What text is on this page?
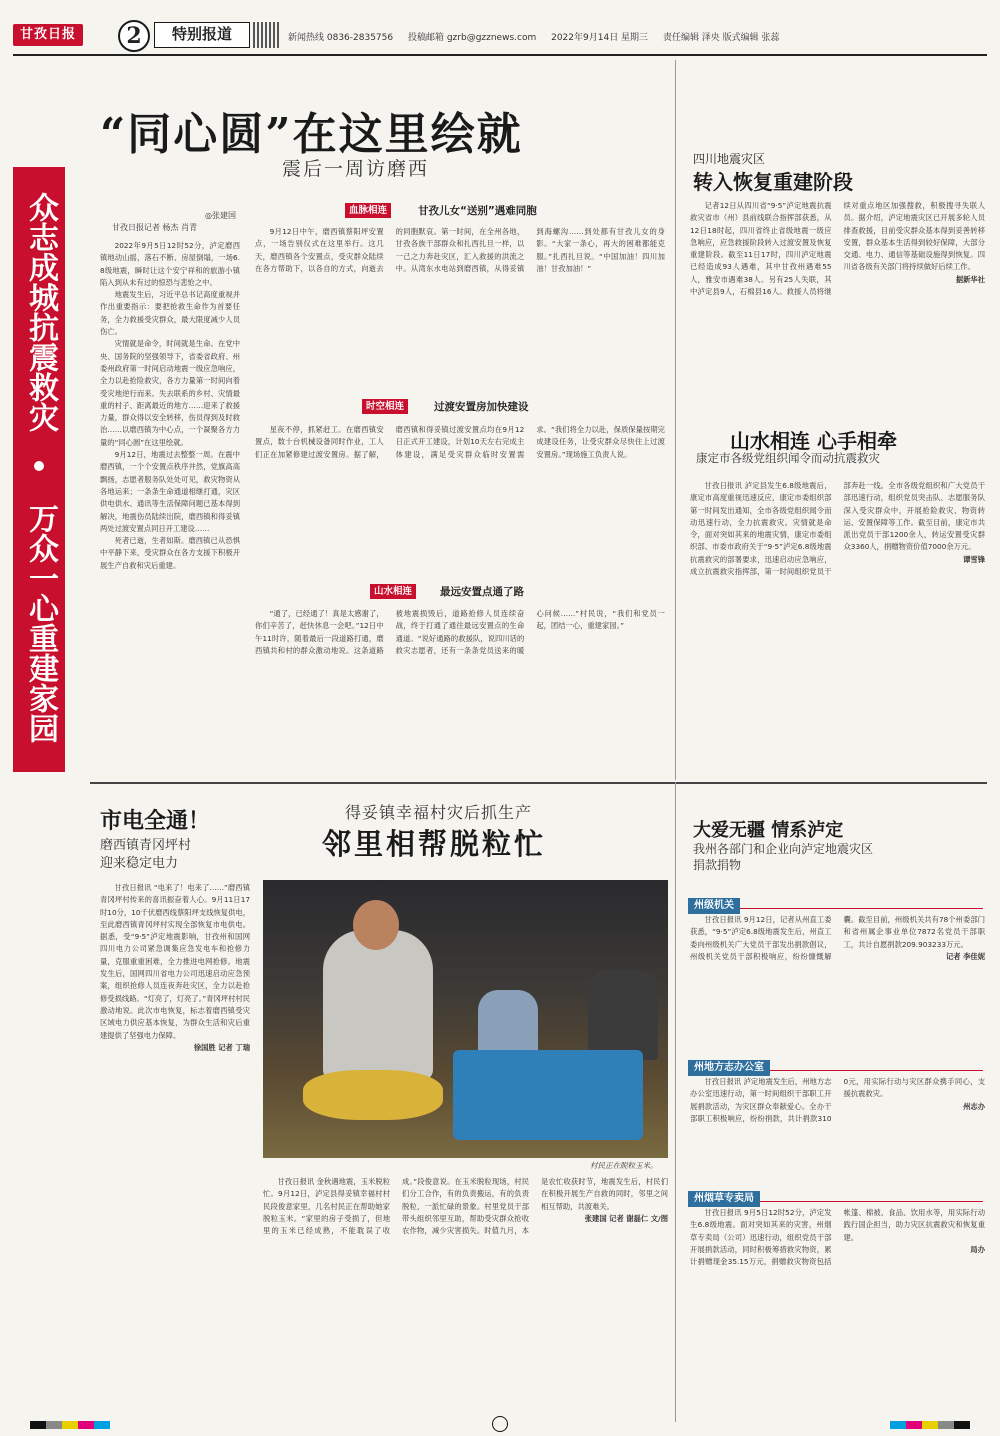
甘孜日报	2	特别报道	新闻热线 0836-2835756 投稿邮箱 gzrb@gzznews.com 2022年9月14日 星期三 责任编辑 泽央 版式编辑 张蕊
众志成城抗震救灾
万众一心重建家园
“同心圆”在这里绘就
震后一周访磨西
◎张建国
甘孜日报记者 杨杰 肖青

2022年9月5日12时52分，泸定磨西镇地动山摇，落石不断、房屋倒塌，一场6.8级地震，瞬时让这个安宁祥和的旅游小镇陷入到从未有过的惊恐与悲怆之中。

地震发生后，习近平总书记高度重视并作出重要指示：要把抢救生命作为首要任务，全力救援受灾群众，最大限度减少人员伤亡。

灾情就是命令，时间就是生命。在党中央、国务院的坚强领导下，省委省政府、州委州政府第一时间启动地震一级应急响应，全力以赴抢险救灾，各方力量第一时间向着受灾地逆行而来。失去联系的乡村、灾情最重的村子、距离最近的地方……迎来了救援力量，群众得以安全转移，伤员得到及时救治……以磨西镇为中心点，一个凝聚各方力量的“同心圆”在这里绘就。

9月12日，地震过去整整一周。在震中磨西镇，一个个安置点秩序井然，党旗高高飘扬，志愿者服务队处处可见，救灾物资从各地运来；一条条生命通道相继打通，灾区供电供水、通讯等生活保障问题已基本得到解决，地震伤员陆续出院，磨西镇和得妥镇两处过渡安置点同日开工建设……

死者已逝，生者如斯。磨西镇已从恐惧中平静下来，受灾群众在各方支援下积极开展生产自救和灾后重建。

血脉相连	甘孜儿女“送别”遇难同胞

9月12日中午，磨西镇蔡阳坪安置点，一场告别仪式在这里举行。这几天，磨西镇各个安置点，受灾群众陆续在各方帮助下，以各自的方式，向逝去的同胞默哀。第一时间，在全州各地，甘孜各族干部群众和扎西扎旦一样，以一己之力奔赴灾区，汇入救援的洪流之中。从湾东水电站到磨西镇，从得妥镇到海螺沟……到处都有甘孜儿女的身影。“大家一条心，再大的困难都能克服。”扎西扎旦说。“中国加油！四川加油！甘孜加油！”

时空相连	过渡安置房加快建设

星夜不停，抓紧赶工。在磨西镇安置点，数十台机械设备同时作业，工人们正在加紧修建过渡安置房。据了解，磨西镇和得妥镇过渡安置点均在9月12日正式开工建设，计划10天左右完成主体建设，满足受灾群众临时安置需求。“我们将全力以赴，保质保量按期完成建设任务，让受灾群众尽快住上过渡安置房。”现场施工负责人说。

山水相连	最远安置点通了路

“通了，已经通了！真是太感谢了，你们辛苦了，赶快休息一会吧。”12日中午11时许，随着最后一段道路打通，磨西镇共和村的群众激动地说。这条道路被地震损毁后，道路抢修人员连续奋战，终于打通了通往最远安置点的生命通道。“说好通路的救援队，说四川话的救灾志愿者，还有一条条党员送来的暖心问候……”村民说，“我们和党员一起，团结一心，重建家园。”

四川地震灾区
转入恢复重建阶段

记者12日从四川省“9·5”泸定地震抗震救灾省市（州）县前线联合指挥部获悉，从12日18时起，四川省终止省级地震一级应急响应，应急救援阶段转入过渡安置及恢复重建阶段。截至11日17时，四川泸定地震已经造成93人遇难，其中甘孜州遇难55人，雅安市遇难38人。另有25人失联，其中泸定县9人，石棉县16人。救援人员将继续对重点地区加强搜救，积极搜寻失联人员。据介绍，泸定地震灾区已开展多轮人员排查救援，目前受灾群众基本得到妥善转移安置，群众基本生活得到较好保障，大部分交通、电力、通信等基础设施得到恢复。四川省各级有关部门将持续做好后续工作。

据新华社

山水相连 心手相牵
康定市各级党组织闻令而动抗震救灾

甘孜日报讯 泸定县发生6.8级地震后，康定市高度重视迅速反应，康定市委组织部第一时间发出通知，全市各级党组织闻令而动迅速行动，全力抗震救灾。灾情就是命令，面对突如其来的地震灾情，康定市委组织部、市委市政府关于“9·5”泸定6.8级地震抗震救灾的部署要求，迅速启动应急响应，成立抗震救灾指挥部，第一时间组织党员干部奔赴一线。全市各级党组织和广大党员干部迅速行动，组织党员突击队、志愿服务队深入受灾群众中，开展抢险救灾、物资转运、安置保障等工作。截至目前，康定市共派出党员干部1200余人，转运安置受灾群众3360人，捐赠物资价值7000余万元。

谭雪锋

市电全通！
磨西镇青冈坪村
迎来稳定电力

甘孜日报讯 “电来了！电来了……”磨西镇青冈坪村传来的喜讯振奋着人心。9月11日17时10分，10千伏磨西线蔡阳坪支线恢复供电，至此磨西镇青冈坪村实现全部恢复市电供电。据悉，受“9·5”泸定地震影响，甘孜州和国网四川电力公司紧急调集应急发电车和抢修力量，克服重重困难，全力推进电网抢修。地震发生后，国网四川省电力公司迅速启动应急预案，组织抢修人员连夜奔赴灾区，全力以赴抢修受损线路。“灯亮了，灯亮了。”青冈坪村村民激动地说。此次市电恢复，标志着磨西镇受灾区域电力供应基本恢复，为群众生活和灾后重建提供了坚强电力保障。

徐国胜 记者 丁瑞

得妥镇幸福村灾后抓生产
邻里相帮脱粒忙
村民正在脱粒玉米。

甘孜日报讯 金秋遇地震，玉米脱粒忙。9月12日，泸定县得妥镇幸福村村民段俊意家里，几名村民正在帮助她家脱粒玉米。“家里的房子受损了，但地里的玉米已经成熟，不能耽误了收成。”段俊意说。在玉米脱粒现场，村民们分工合作，有的负责搬运，有的负责脱粒，一派忙碌的景象。村里党员干部带头组织邻里互助，帮助受灾群众抢收农作物，减少灾害损失。时值九月，本是农忙收获时节，地震发生后，村民们在积极开展生产自救的同时，邻里之间相互帮助，共渡难关。

张建国 记者 谢磊仁 文/图

大爱无疆 情系泸定
我州各部门和企业向泸定地震灾区
捐款捐物
州级机关

甘孜日报讯 9月12日，记者从州直工委获悉，“9·5”泸定6.8级地震发生后，州直工委向州级机关广大党员干部发出捐款倡议，州级机关党员干部积极响应，纷纷慷慨解囊。截至目前，州级机关共有78个州委部门和省州属企事业单位7872名党员干部职工，共计自愿捐款209.903233万元。

记者 李佳妮

州地方志办公室

甘孜日报讯 泸定地震发生后，州地方志办公室迅速行动，第一时间组织干部职工开展捐款活动，为灾区群众奉献爱心。全办干部职工积极响应，纷纷捐款，共计捐款3100元，用实际行动与灾区群众携手同心，支援抗震救灾。

州志办

州烟草专卖局

甘孜日报讯 9月5日12时52分，泸定发生6.8级地震。面对突如其来的灾害，州烟草专卖局（公司）迅速行动，组织党员干部开展捐款活动，同时积极筹措救灾物资，累计捐赠现金35.15万元，捐赠救灾物资包括帐篷、棉被、食品、饮用水等，用实际行动践行国企担当，助力灾区抗震救灾和恢复重建。

局办
